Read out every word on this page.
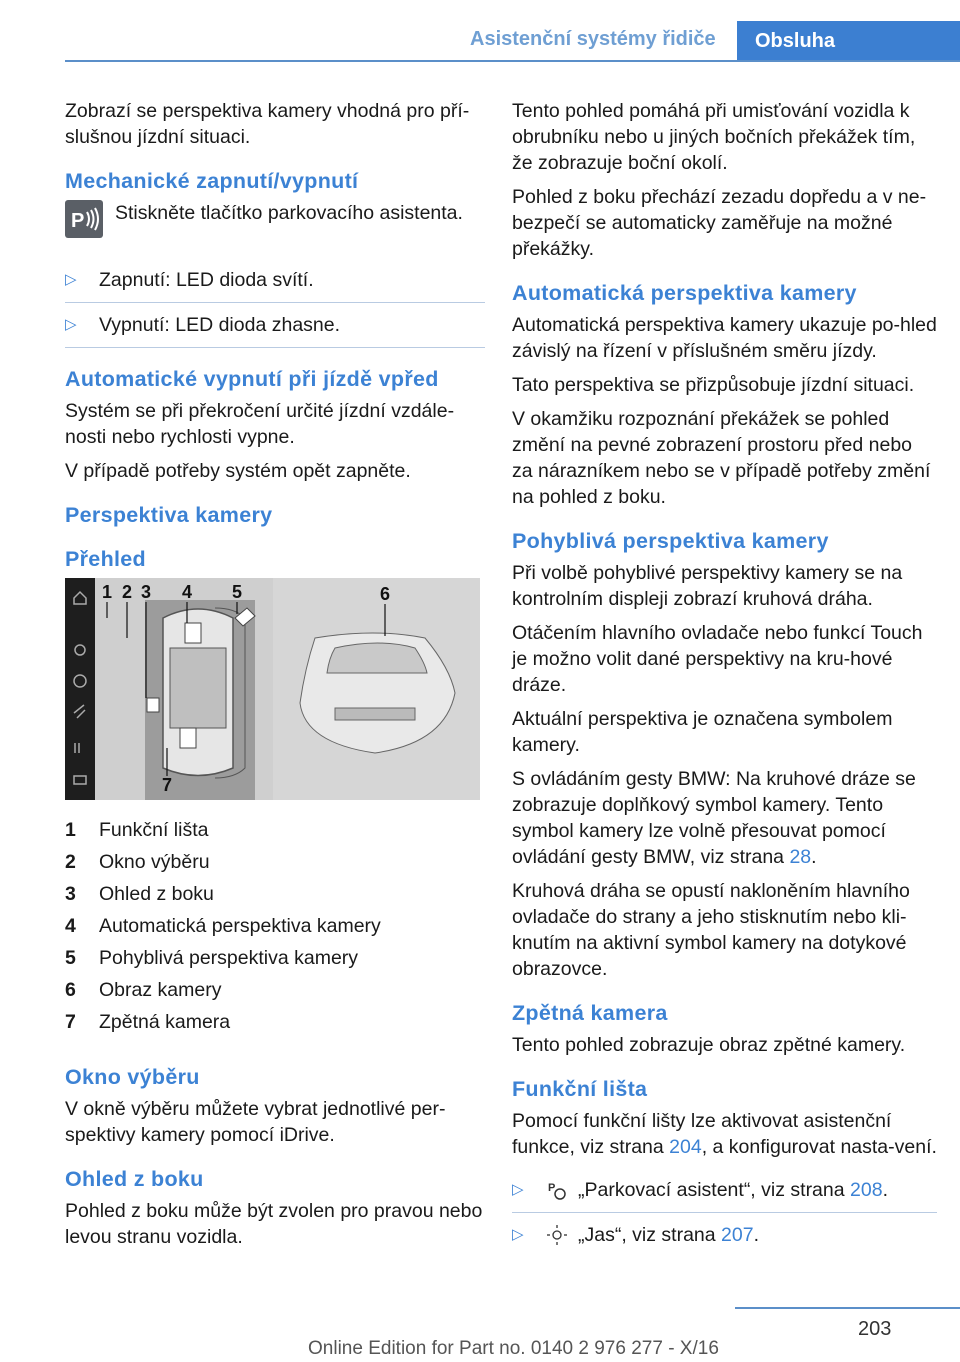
Asistenční systémy řidiče	Obsluha

Zobrazí se perspektiva kamery vhodná pro pří-slušnou jízdní situaci.

Mechanické zapnutí/vypnutí
P Stiskněte tlačítko parkovacího asistenta.
▷	Zapnutí: LED dioda svítí.
▷	Vypnutí: LED dioda zhasne.
Automatické vypnutí při jízdě vpřed

Systém se při překročení určité jízdní vzdále-nosti nebo rychlosti vypne.

V případě potřeby systém opět zapněte.

Perspektiva kamery
Přehled
1 2 3 4 5	6
7
1	Funkční lišta
2	Okno výběru
3	Ohled z boku
4	Automatická perspektiva kamery
5	Pohyblivá perspektiva kamery
6	Obraz kamery
7	Zpětná kamera
Okno výběru

V okně výběru můžete vybrat jednotlivé per-spektivy kamery pomocí iDrive.

Ohled z boku

Pohled z boku může být zvolen pro pravou nebo levou stranu vozidla.

Tento pohled pomáhá při umisťování vozidla k obrubníku nebo u jiných bočních překážek tím, že zobrazuje boční okolí.

Pohled z boku přechází zezadu dopředu a v ne-bezpečí se automaticky zaměřuje na možné překážky.

Automatická perspektiva kamery

Automatická perspektiva kamery ukazuje po-hled závislý na řízení v příslušném směru jízdy.

Tato perspektiva se přizpůsobuje jízdní situaci.

V okamžiku rozpoznání překážek se pohled změní na pevné zobrazení prostoru před nebo za nárazníkem nebo se v případě potřeby změní na pohled z boku.

Pohyblivá perspektiva kamery

Při volbě pohyblivé perspektivy kamery se na kontrolním displeji zobrazí kruhová dráha.

Otáčením hlavního ovladače nebo funkcí Touch je možno volit dané perspektivy na kru-hové dráze.

Aktuální perspektiva je označena symbolem kamery.

S ovládáním gesty BMW: Na kruhové dráze se zobrazuje doplňkový symbol kamery. Tento symbol kamery lze volně přesouvat pomocí ovládání gesty BMW, viz strana 28.

Kruhová dráha se opustí nakloněním hlavního ovladače do strany a jeho stisknutím nebo kli-knutím na aktivní symbol kamery na dotykové obrazovce.

Zpětná kamera

Tento pohled zobrazuje obraz zpětné kamery.

Funkční lišta

Pomocí funkční lišty lze aktivovat asistenční funkce, viz strana 204, a konfigurovat nasta-vení.

▷	P „Parkovací asistent“, viz strana 208.
▷	„Jas“, viz strana 207.
203
Online Edition for Part no. 0140 2 976 277 - X/16
